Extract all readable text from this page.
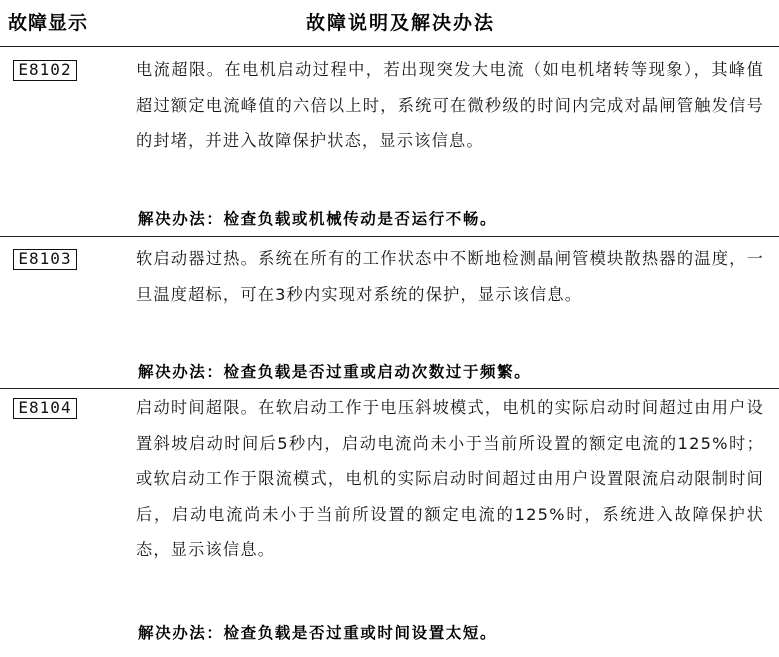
故障显示	故障说明及解决办法
E8102	电流超限。在电机启动过程中，若出现突发大电流（如电机堵转等现象），其峰值超过额定电流峰值的六倍以上时，系统可在微秒级的时间内完成对晶闸管触发信号的封堵，并进入故障保护状态，显示该信息。

解决办法：检查负载或机械传动是否运行不畅。
E8103	软启动器过热。系统在所有的工作状态中不断地检测晶闸管模块散热器的温度，一旦温度超标，可在3秒内实现对系统的保护，显示该信息。

解决办法：检查负载是否过重或启动次数过于频繁。
E8104	启动时间超限。在软启动工作于电压斜坡模式，电机的实际启动时间超过由用户设置斜坡启动时间后5秒内，启动电流尚未小于当前所设置的额定电流的125%时；或软启动工作于限流模式，电机的实际启动时间超过由用户设置限流启动限制时间后，启动电流尚未小于当前所设置的额定电流的125%时，系统进入故障保护状态，显示该信息。

解决办法：检查负载是否过重或时间设置太短。
